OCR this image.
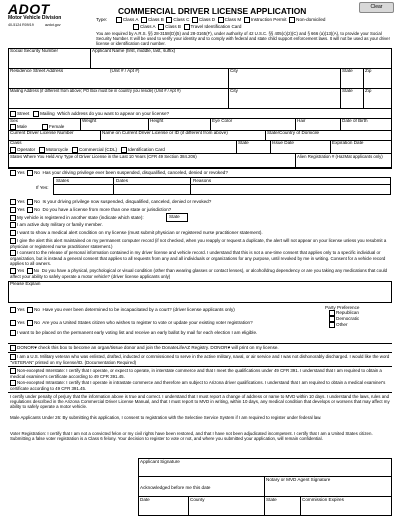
ADOT
Motor Vehicle Division
40-5124 R09/19	azdot.gov
COMMERCIAL DRIVER LICENSE APPLICATION	Clear
Type:	Class A Class B Class C Class D Class M Instruction Permit Non-domiciled
Class A Class B Travel Identification Card
You are required by A.R.S. §§ 28-3158(D)(5) and 28-3165(F), under authority of 42 U.S.C. §§ 405(c)(2)(C) and § 666 (a)(13)(A), to provide your Social Security Number. It will be used to verify your identity and to comply with federal and state child support enforcement laws. It will not be used as your driver license or identification card number.
Social Security Number	Applicant Name (first, middle, last, suffix)
Residence Street Address	(Unit # / Apt #)	City	State	Zip
Mailing Address (if different from above; PO Box must be in country you reside) (Unit # / Apt #)	City	State	Zip
Street Mailing Which address do you want to appear on your license?
Sex
Male	Female
Weight	Height	Eye Color	Hair	Date of Birth
Current Driver License Number	Name on Current Driver License or ID (if different from above)	State/Country of Domicile
Class
Operator Motorcycle Commercial (CDL) Identification Card
State	Issue Date	Expiration Date
States Where You Held Any Type of Driver License in the Last 10 Years (CFR 49 Section 384.206)	Alien Registration # (HazMat applicants only)
Yes No Has your driving privilege ever been suspended, disqualified, canceled, denied or revoked?
If Yes:
States	Dates	Reasons
Yes No Is your driving privilege now suspended, disqualified, canceled, denied or revoked?
Yes No Do you have a license from more than one state or jurisdiction?
My vehicle is registered in another state (indicate which state):	State
I am active duty military or family member.
I want to show a medical alert condition on my license (must submit physician or registered nurse practitioner statement).
I give the alert this alert maintained on my permanent computer record (if not checked, when you reapply or request a duplicate, the alert will not appear on your license unless you resubmit a physician or registered nurse practitioner statement.)
I consent to the release of personal information contained in my driver license and vehicle record. I understand that this is not a one-time consent that applies only to a specific individual or organization, but is instead a general consent that applies to all requests from any and all individuals or organizations for any purpose, until revoked by me in writing. Consent for a vehicle record applies to all owners.
Yes No Do you have a physical, psychological or visual condition (other than wearing glasses or contact lenses), or alcohol/drug dependency or are you taking any medications that could affect your ability to safely operate a motor vehicle? (driver license applicants only)
Please Explain
Yes No Have you ever been determined to be incapacitated by a court? (driver license applicants only)
Yes No Are you a United States citizen who wishes to register to vote or update your existing voter registration?
I want to be placed on the permanent early voting list and receive an early ballot by mail for each election I am eligible.
Party Preference
Republican
Democratic
Other
DONOR♥ check this box to become an organ/tissue donor and join the DonateLifeAZ Registry. DONOR♥ will print on my license.
I am a U.S. Military veteran who was enlisted, drafted, inducted or commissioned to serve in the active military, naval, or air service and I was not dishonorably discharged. I would like the word "VETERAN" printed on my license/ID. (Documentation Required)
Non-excepted Interstate: I certify that I operate, or expect to operate, in interstate commerce and that I meet the qualifications under 49 CFR 391. I understand that I am required to obtain a medical examiner's certificate according to 49 CFR 391.45.
Non-excepted Intrastate: I certify that I operate in intrastate commerce and therefore am subject to Arizona driver qualifications. I understand that I am required to obtain a medical examiner's certificate according to 49 CFR 391.45.
I certify under penalty of perjury that the information above is true and correct. I understand that I must report a change of address or name to MVD within 10 days. I understand the laws, rules and regulations described in the Arizona Commercial Driver License Manual, and that I must report to MVD in writing, within 10 days, any medical condition that develops or worsens that may affect my ability to safely operate a motor vehicle.
Male Applicants Under 26: By submitting this application, I consent to registration with the Selective Service System if I am required to register under federal law.
Voter Registration: I certify that I am not a convicted felon or my civil rights have been restored, and that I have not been adjudicated incompetent. I certify that I am a United States citizen. Submitting a false voter registration is a Class 6 felony. Your decision to register to vote or not, and where you submitted your application, will remain confidential.
Applicant Signature
Notary or MVD Agent Signature
Acknowledged before me this date
Date	County	State	Commission Expires
